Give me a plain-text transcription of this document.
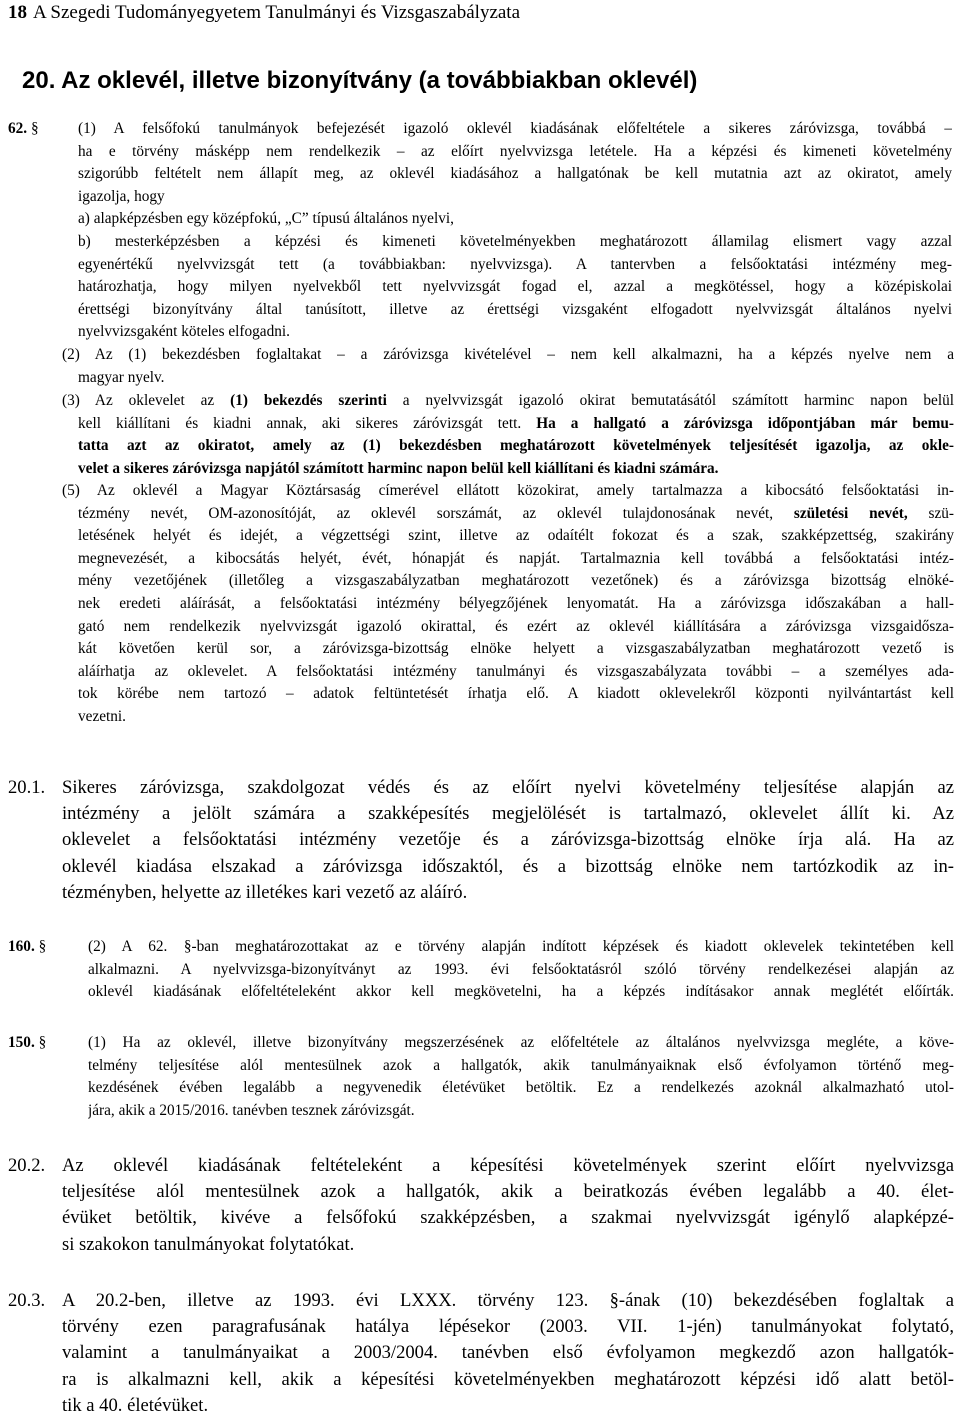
18 A Szegedi Tudományegyetem Tanulmányi és Vizsgaszabályzata
20. Az oklevél, illetve bizonyítvány (a továbbiakban oklevél)
62. §	(1) A felsőfokú tanulmányok befejezését igazoló oklevél kiadásának előfeltétele a sikeres záróvizsga, továbbá –
ha e törvény másképp nem rendelkezik – az előírt nyelvvizsga letétele. Ha a képzési és kimeneti követelmény
szigorúbb feltételt nem állapít meg, az oklevél kiadásához a hallgatónak be kell mutatnia azt az okiratot, amely
igazolja, hogy
a) alapképzésben egy középfokú, „C” típusú általános nyelvi,
b) mesterképzésben a képzési és kimeneti követelményekben meghatározott államilag elismert vagy azzal
egyenértékű nyelvvizsgát tett (a továbbiakban: nyelvvizsga). A tantervben a felsőoktatási intézmény meg-
határozhatja, hogy milyen nyelvekből tett nyelvvizsgát fogad el, azzal a megkötéssel, hogy a középiskolai
érettségi bizonyítvány által tanúsított, illetve az érettségi vizsgaként elfogadott nyelvvizsgát általános nyelvi
nyelvvizsgaként köteles elfogadni.
(2) Az (1) bekezdésben foglaltakat – a záróvizsga kivételével – nem kell alkalmazni, ha a képzés nyelve nem a
magyar nyelv.
(3) Az oklevelet az (1) bekezdés szerinti a nyelvvizsgát igazoló okirat bemutatásától számított harminc napon belül
kell kiállítani és kiadni annak, aki sikeres záróvizsgát tett. Ha a hallgató a záróvizsga időpontjában már bemu-
tatta azt az okiratot, amely az (1) bekezdésben meghatározott követelmények teljesítését igazolja, az okle-
velet a sikeres záróvizsga napjától számított harminc napon belül kell kiállítani és kiadni számára.
(5) Az oklevél a Magyar Köztársaság címerével ellátott közokirat, amely tartalmazza a kibocsátó felsőoktatási in-
tézmény nevét, OM-azonosítóját, az oklevél sorszámát, az oklevél tulajdonosának nevét, születési nevét, szü-
letésének helyét és idejét, a végzettségi szint, illetve az odaítélt fokozat és a szak, szakképzettség, szakirány
megnevezését, a kibocsátás helyét, évét, hónapját és napját. Tartalmaznia kell továbbá a felsőoktatási intéz-
mény vezetőjének (illetőleg a vizsgaszabályzatban meghatározott vezetőnek) és a záróvizsga bizottság elnöké-
nek eredeti aláírását, a felsőoktatási intézmény bélyegzőjének lenyomatát. Ha a záróvizsga időszakában a hall-
gató nem rendelkezik nyelvvizsgát igazoló okirattal, és ezért az oklevél kiállítására a záróvizsga vizsgaidősza-
kát követően kerül sor, a záróvizsga-bizottság elnöke helyett a vizsgaszabályzatban meghatározott vezető is
aláírhatja az oklevelet. A felsőoktatási intézmény tanulmányi és vizsgaszabályzata további – a személyes ada-
tok körébe nem tartozó – adatok feltüntetését írhatja elő. A kiadott oklevelekről központi nyilvántartást kell
vezetni.
20.1. Sikeres záróvizsga, szakdolgozat védés és az előírt nyelvi követelmény teljesítése alapján az
intézmény a jelölt számára a szakképesítés megjelölését is tartalmazó, oklevelet állít ki. Az
oklevelet a felsőoktatási intézmény vezetője és a záróvizsga-bizottság elnöke írja alá. Ha az
oklevél kiadása elszakad a záróvizsga időszaktól, és a bizottság elnöke nem tartózkodik az in-
tézményben, helyette az illetékes kari vezető az aláíró.
160. §	(2) A 62. §-ban meghatározottakat az e törvény alapján indított képzések és kiadott oklevelek tekintetében kell
alkalmazni. A nyelvvizsga-bizonyítványt az 1993. évi felsőoktatásról szóló törvény rendelkezései alapján az
oklevél kiadásának előfeltételeként akkor kell megkövetelni, ha a képzés indításakor annak meglétét előírták.
150. §	(1) Ha az oklevél, illetve bizonyítvány megszerzésének az előfeltétele az általános nyelvvizsga megléte, a köve-
telmény teljesítése alól mentesülnek azok a hallgatók, akik tanulmányaiknak első évfolyamon történő meg-
kezdésének évében legalább a negyvenedik életévüket betöltik. Ez a rendelkezés azoknál alkalmazható utol-
jára, akik a 2015/2016. tanévben tesznek záróvizsgát.
20.2. Az oklevél kiadásának feltételeként a képesítési követelmények szerint előírt nyelvvizsga
teljesítése alól mentesülnek azok a hallgatók, akik a beiratkozás évében legalább a 40. élet-
évüket betöltik, kivéve a felsőfokú szakképzésben, a szakmai nyelvvizsgát igénylő alapképzé-
si szakokon tanulmányokat folytatókat.
20.3. A 20.2-ben, illetve az 1993. évi LXXX. törvény 123. §-ának (10) bekezdésében foglaltak a
törvény ezen paragrafusának hatálya lépésekor (2003. VII. 1-jén) tanulmányokat folytató,
valamint a tanulmányaikat a 2003/2004. tanévben első évfolyamon megkezdő azon hallgatók-
ra is alkalmazni kell, akik a képesítési követelményekben meghatározott képzési idő alatt betöl-
tik a 40. életévüket.
